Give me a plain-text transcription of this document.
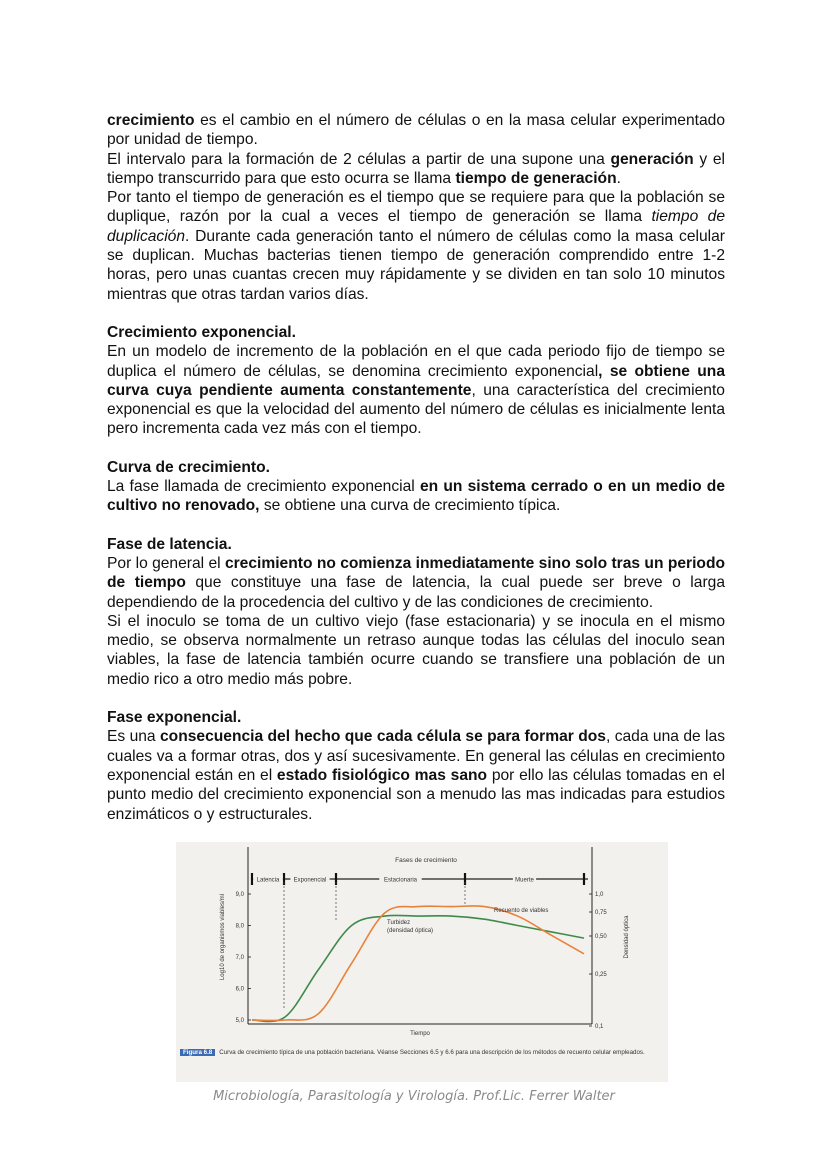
crecimiento es el cambio en el número de células o en la masa celular experimentado por unidad de tiempo.

El intervalo para la formación de 2 células a partir de una supone una generación y el tiempo transcurrido para que esto ocurra se llama tiempo de generación.

Por tanto el tiempo de generación es el tiempo que se requiere para que la población se duplique, razón por la cual a veces el tiempo de generación se llama tiempo de duplicación. Durante cada generación tanto el número de células como la masa celular se duplican. Muchas bacterias tienen tiempo de generación comprendido entre 1-2 horas, pero unas cuantas crecen muy rápidamente y se dividen en tan solo 10 minutos mientras que otras tardan varios días.

Crecimiento exponencial.

En un modelo de incremento de la población en el que cada periodo fijo de tiempo se duplica el número de células, se denomina crecimiento exponencial, se obtiene una curva cuya pendiente aumenta constantemente, una característica del crecimiento exponencial es que la velocidad del aumento del número de células es inicialmente lenta pero incrementa cada vez más con el tiempo.

Curva de crecimiento.

La fase llamada de crecimiento exponencial en un sistema cerrado o en un medio de cultivo no renovado, se obtiene una curva de crecimiento típica.

Fase de latencia.

Por lo general el crecimiento no comienza inmediatamente sino solo tras un periodo de tiempo que constituye una fase de latencia, la cual puede ser breve o larga dependiendo de la procedencia del cultivo y de las condiciones de crecimiento.

Si el inoculo se toma de un cultivo viejo (fase estacionaria) y se inocula en el mismo medio, se observa normalmente un retraso aunque todas las células del inoculo sean viables, la fase de latencia también ocurre cuando se transfiere una población de un medio rico a otro medio más pobre.

Fase exponencial.

Es una consecuencia del hecho que cada célula se para formar dos, cada una de las cuales va a formar otras, dos y así sucesivamente. En general las células en crecimiento exponencial están en el estado fisiológico mas sano por ello las células tomadas en el punto medio del crecimiento exponencial son a menudo las mas indicadas para estudios enzimáticos o y estructurales.

Fases de crecimiento
Latencia Exponencial	Estacionaria	Muerte
9,0
8,0
7,0
6,0
5,0
1,0
0,75
0,50
0,25
0,1
Log10 de organismos viables/ml	Densidad óptica
Tiempo
Recuento de viables
Turbidez
(densidad óptica)
Figura 6.8 Curva de crecimiento típica de una población bacteriana. Véanse Secciones 6.5 y 6.6 para una descripción de los métodos de recuento celular empleados.
Microbiología, Parasitología y Virología. Prof.Lic. Ferrer Walter
